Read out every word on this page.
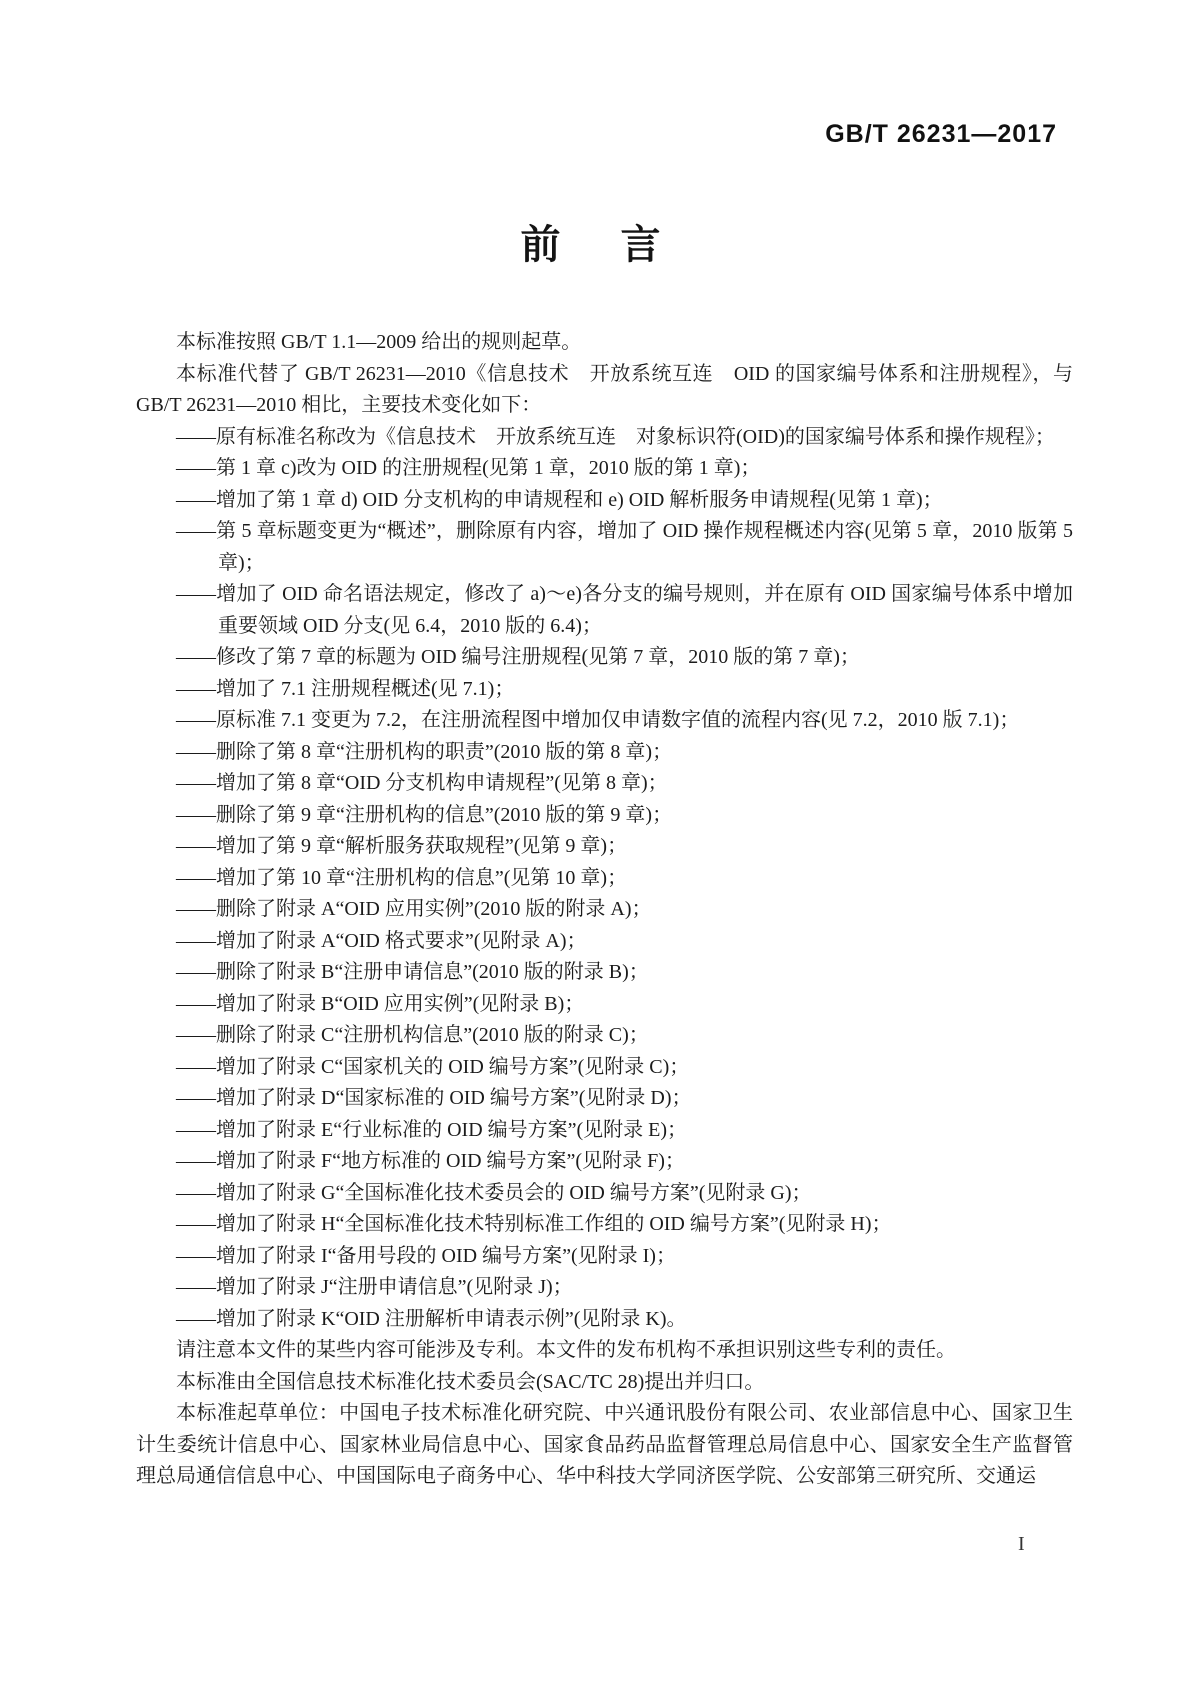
GB/T 26231—2017
前　言

本标准按照 GB/T 1.1—2009 给出的规则起草。

本标准代替了 GB/T 26231—2010《信息技术　开放系统互连　OID 的国家编号体系和注册规程》，与 GB/T 26231—2010 相比，主要技术变化如下：

——原有标准名称改为《信息技术　开放系统互连　对象标识符(OID)的国家编号体系和操作规程》；

——第 1 章 c)改为 OID 的注册规程(见第 1 章，2010 版的第 1 章)；

——增加了第 1 章 d) OID 分支机构的申请规程和 e) OID 解析服务申请规程(见第 1 章)；

——第 5 章标题变更为“概述”，删除原有内容，增加了 OID 操作规程概述内容(见第 5 章，2010 版第 5 章)；

——增加了 OID 命名语法规定，修改了 a)～e)各分支的编号规则，并在原有 OID 国家编号体系中增加重要领域 OID 分支(见 6.4，2010 版的 6.4)；

——修改了第 7 章的标题为 OID 编号注册规程(见第 7 章，2010 版的第 7 章)；

——增加了 7.1 注册规程概述(见 7.1)；

——原标准 7.1 变更为 7.2，在注册流程图中增加仅申请数字值的流程内容(见 7.2，2010 版 7.1)；

——删除了第 8 章“注册机构的职责”(2010 版的第 8 章)；

——增加了第 8 章“OID 分支机构申请规程”(见第 8 章)；

——删除了第 9 章“注册机构的信息”(2010 版的第 9 章)；

——增加了第 9 章“解析服务获取规程”(见第 9 章)；

——增加了第 10 章“注册机构的信息”(见第 10 章)；

——删除了附录 A“OID 应用实例”(2010 版的附录 A)；

——增加了附录 A“OID 格式要求”(见附录 A)；

——删除了附录 B“注册申请信息”(2010 版的附录 B)；

——增加了附录 B“OID 应用实例”(见附录 B)；

——删除了附录 C“注册机构信息”(2010 版的附录 C)；

——增加了附录 C“国家机关的 OID 编号方案”(见附录 C)；

——增加了附录 D“国家标准的 OID 编号方案”(见附录 D)；

——增加了附录 E“行业标准的 OID 编号方案”(见附录 E)；

——增加了附录 F“地方标准的 OID 编号方案”(见附录 F)；

——增加了附录 G“全国标准化技术委员会的 OID 编号方案”(见附录 G)；

——增加了附录 H“全国标准化技术特别标准工作组的 OID 编号方案”(见附录 H)；

——增加了附录 I“备用号段的 OID 编号方案”(见附录 I)；

——增加了附录 J“注册申请信息”(见附录 J)；

——增加了附录 K“OID 注册解析申请表示例”(见附录 K)。

请注意本文件的某些内容可能涉及专利。本文件的发布机构不承担识别这些专利的责任。

本标准由全国信息技术标准化技术委员会(SAC/TC 28)提出并归口。

本标准起草单位：中国电子技术标准化研究院、中兴通讯股份有限公司、农业部信息中心、国家卫生计生委统计信息中心、国家林业局信息中心、国家食品药品监督管理总局信息中心、国家安全生产监督管理总局通信信息中心、中国国际电子商务中心、华中科技大学同济医学院、公安部第三研究所、交通运

I
